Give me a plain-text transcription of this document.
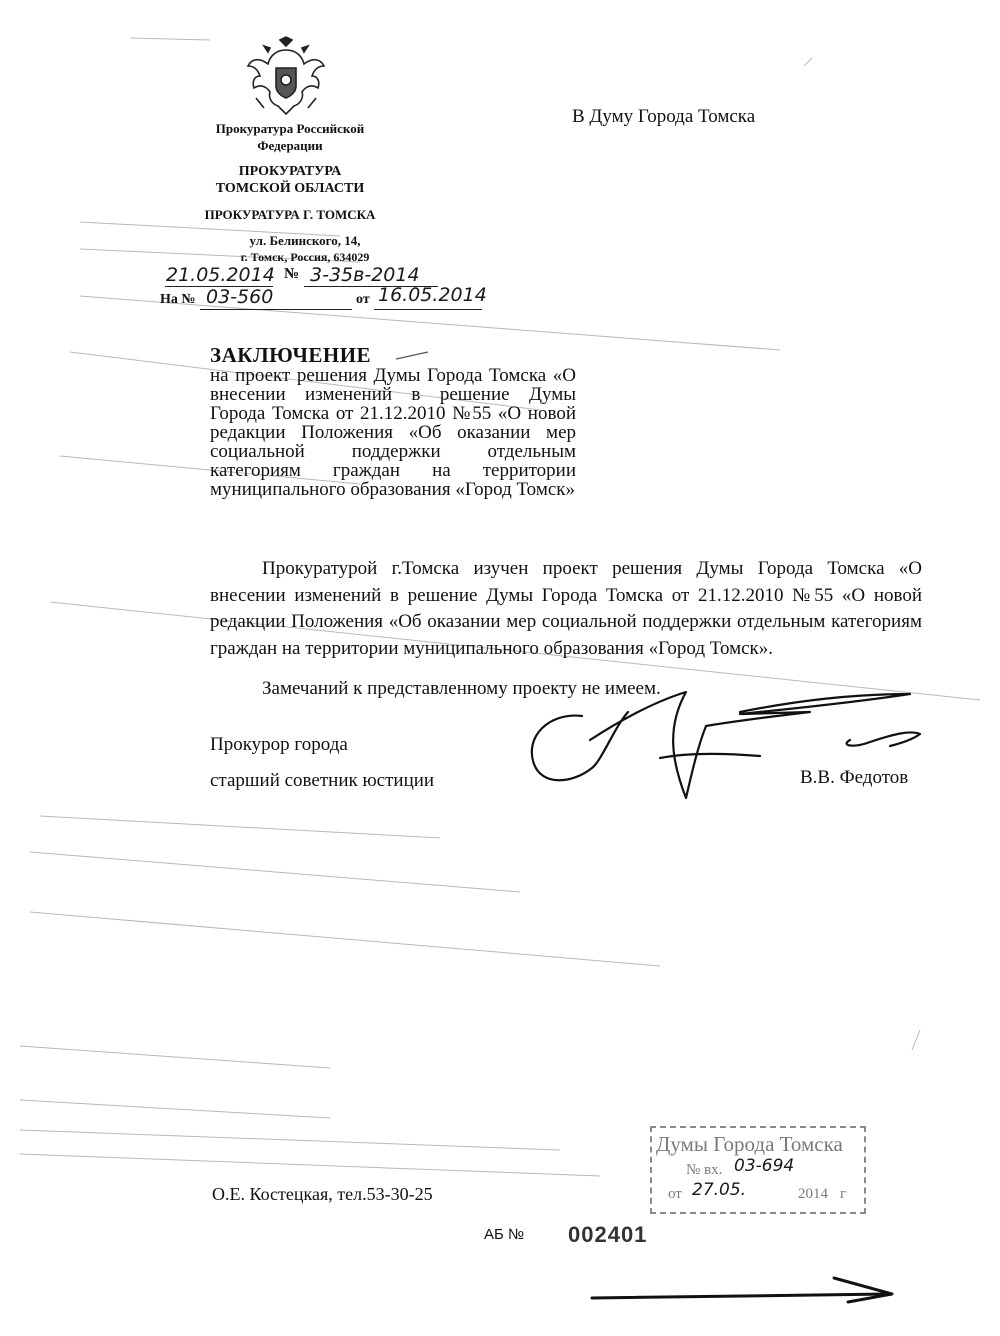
Прокуратура Российской
Федерации
ПРОКУРАТУРА
ТОМСКОЙ ОБЛАСТИ
ПРОКУРАТУРА Г. ТОМСКА
ул. Белинского, 14,
г. Томск, Россия, 634029
21.05.2014 № 3-35в-2014
На № 03-560	от 16.05.2014
В Думу Города Томска
ЗАКЛЮЧЕНИЕ
на проект решения Думы Города Томска «О внесении изменений в решение Думы Города Томска от 21.12.2010 №55 «О новой редакции Положения «Об оказании мер социальной поддержки отдельным категориям граждан на территории муниципального образования «Город Томск»
Прокуратурой г.Томска изучен проект решения Думы Города Томска «О внесении изменений в решение Думы Города Томска от 21.12.2010 №55 «О новой редакции Положения «Об оказании мер социальной поддержки отдельным категориям граждан на территории муниципального образования «Город Томск».
Замечаний к представленному проекту не имеем.
Прокурор города
старший советник юстиции	В.В. Федотов
О.Е. Костецкая, тел.53-30-25
АБ № 002401
Думы Города Томска
№ вх. 03-694
от 27.05.	2014 г
